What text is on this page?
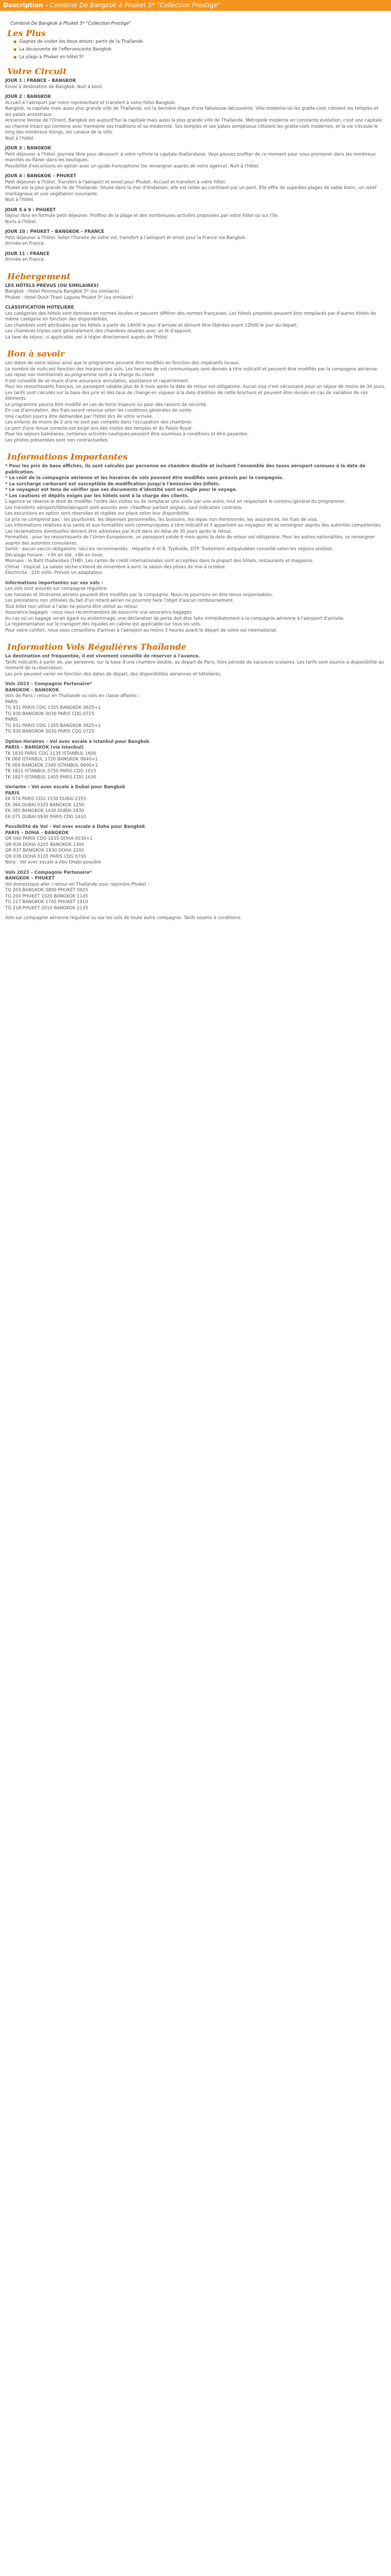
Description - Combiné De Bangkok à Phuket 5* "Collection Prestige"

Combiné De Bangkok à Phuket 5* "Collection Prestige"

Les Plus
● Gagnez de visiter les deux atouts: partir de la Thaïlande
● La découverte de l'effervescente Bangkok
● La plage à Phuket en hôtel 5*
Votre Circuit

JOUR 1 : FRANCE – BANGKOK

Envol à destination de Bangkok. Nuit à bord.

JOUR 2 : BANGKOK

Accueil à l'aéroport par notre représentant et transfert à votre hôtel Bangkok.

Bangkok, la capitale mais aussi plus grande ville de Thaïlande, est la dernière étape d'une fabuleuse découverte. Ville moderne où les gratte-ciels côtoient les temples et les palais ancestraux.

Ancienne Venise de l'Orient, Bangkok est aujourd'hui la capitale mais aussi la plus grande ville de Thaïlande. Métropole moderne en constante évolution, c'est une capitale au charme intact qui combine avec harmonie ses traditions et sa modernité. Ses temples et ses palais somptueux côtoient les gratte-ciels modernes, et la vie s'écoule le long des nombreux klongs, les canaux de la ville.

Nuit à l'hôtel.

JOUR 3 : BANGKOK

Petit déjeuner à l'hôtel. Journée libre pour découvrir à votre rythme la capitale thaïlandaise. Vous pouvez profiter de ce moment pour vous promener dans les nombreux marchés ou flâner dans les boutiques.

Possibilité d'excursions en option avec un guide francophone (se renseigner auprès de votre agence). Nuit à l'hôtel.

JOUR 4 : BANGKOK – PHUKET

Petit déjeuner à l'hôtel. Transfert à l'aéroport et envol pour Phuket. Accueil et transfert à votre hôtel.

Phuket est la plus grande île de Thaïlande. Située dans la mer d'Andaman, elle est reliée au continent par un pont. Elle offre de superbes plages de sable blanc, un relief montagneux et une végétation luxuriante.

Nuit à l'hôtel.

JOUR 5 à 9 : PHUKET

Séjour libre en formule petit déjeuner. Profitez de la plage et des nombreuses activités proposées par votre hôtel ou sur l'île.

Nuits à l'hôtel.

JOUR 10 : PHUKET – BANGKOK – FRANCE

Petit déjeuner à l'hôtel. Selon l'horaire de votre vol, transfert à l'aéroport et envol pour la France via Bangkok.

Arrivée en France.

JOUR 11 : FRANCE

Arrivée en France.

Hébergement

LES HÔTELS PREVUS (OU SIMILAIRES)

Bangkok : Hotel Peninsula Bangkok 5* (ou similaire)

Phuket : Hotel Dusit Thani Laguna Phuket 5* (ou similaire)

CLASSIFICATION HOTELIERE

Les catégories des hôtels sont données en normes locales et peuvent différer des normes françaises. Les hôtels proposés peuvent être remplacés par d'autres hôtels de même catégorie en fonction des disponibilités.

Les chambres sont attribuées par les hôtels à partir de 14h00 le jour d'arrivée et doivent être libérées avant 12h00 le jour du départ.

Les chambres triples sont généralement des chambres doubles avec un lit d'appoint.

La taxe de séjour, si applicable, est à régler directement auprès de l'hôtel.

Bon à savoir

Les dates de votre séjour ainsi que le programme peuvent être modifiés en fonction des impératifs locaux.

Le nombre de nuits est fonction des horaires des vols. Les horaires de vol communiqués sont donnés à titre indicatif et peuvent être modifiés par la compagnie aérienne.

Les repas non mentionnés au programme sont à la charge du client.

Il est conseillé de se munir d'une assurance annulation, assistance et rapatriement.

Pour les ressortissants français, un passeport valable plus de 6 mois après la date de retour est obligatoire. Aucun visa n'est nécessaire pour un séjour de moins de 30 jours.

Les tarifs sont calculés sur la base des prix et des taux de change en vigueur à la date d'édition de cette brochure et peuvent être révisés en cas de variation de ces éléments.

Le programme pourra être modifié en cas de force majeure ou pour des raisons de sécurité.

En cas d'annulation, des frais seront retenus selon les conditions générales de vente.

Une caution pourra être demandée par l'hôtel lors de votre arrivée.

Les enfants de moins de 2 ans ne sont pas comptés dans l'occupation des chambres.

Le port d'une tenue correcte est exigé lors des visites des temples et du Palais Royal.

Pour les séjours balnéaires, certaines activités nautiques peuvent être soumises à conditions et être payantes.

Les photos présentées sont non contractuelles.

Informations Importantes

* Pour les prix de base affichés, ils sont calculés par personne en chambre double et incluent l'ensemble des taxes aéroport connues à la date de publication.

* Le coût de la compagnie aérienne et les horaires de vols peuvent être modifiés sans préavis par la compagnie.

* La surcharge carburant est susceptible de modification jusqu'à l'émission des billets.

* Le voyageur est tenu de vérifier que ses documents d'identité sont en règle pour le voyage.

* Les cautions et dépôts exigés par les hôtels sont à la charge des clients.

L'agence se réserve le droit de modifier l'ordre des visites ou de remplacer une visite par une autre, tout en respectant le contenu général du programme.

Les transferts aéroport/hôtel/aéroport sont assurés avec chauffeur parlant anglais, sauf indication contraire.

Les excursions en option sont réservées et réglées sur place selon leur disponibilité.

Le prix ne comprend pas : les pourboires, les dépenses personnelles, les boissons, les repas non mentionnés, les assurances, les frais de visa.

Les informations relatives à la santé et aux formalités sont communiquées à titre indicatif et il appartient au voyageur de se renseigner auprès des autorités compétentes.

Les réclamations éventuelles doivent être adressées par écrit dans un délai de 30 jours après le retour.

Formalités : pour les ressortissants de l'Union Européenne, un passeport valide 6 mois après la date de retour est obligatoire. Pour les autres nationalités, se renseigner auprès des autorités consulaires.

Santé : aucun vaccin obligatoire. Vaccins recommandés : Hépatite A et B, Typhoïde, DTP. Traitement antipaludéen conseillé selon les régions visitées.

Décalage horaire : +5h en été, +6h en hiver.

Monnaie : le Baht thaïlandais (THB). Les cartes de crédit internationales sont acceptées dans la plupart des hôtels, restaurants et magasins.

Climat : tropical. La saison sèche s'étend de novembre à avril, la saison des pluies de mai à octobre.

Électricité : 220 volts. Prévoir un adaptateur.

Informations importantes sur vos vols :

Les vols sont assurés sur compagnie régulière.

Les horaires et itinéraires aériens peuvent être modifiés par la compagnie. Nous ne pourrions en être tenus responsables.

Les prestations non utilisées du fait d'un retard aérien ne pourront faire l'objet d'aucun remboursement.

Tout billet non utilisé à l'aller ne pourra être utilisé au retour.

Assurance bagages : nous vous recommandons de souscrire une assurance bagages.

Au cas où un bagage serait égaré ou endommagé, une déclaration de perte doit être faite immédiatement à la compagnie aérienne à l'aéroport d'arrivée.

La réglementation sur le transport des liquides en cabine est applicable sur tous les vols.

Pour votre confort, nous vous conseillons d'arriver à l'aéroport au moins 3 heures avant le départ de votre vol international.

Information Vols Régulières Thaïlande

La destination est fréquentée, il est vivement conseillé de réserver à l'avance.

Tarifs indicatifs à partir de, par personne, sur la base d'une chambre double, au départ de Paris, hors période de vacances scolaires. Les tarifs sont soumis à disponibilité au moment de la réservation.

Les prix peuvent varier en fonction des dates de départ, des disponibilités aériennes et hôtelières.

Vols 2023 – Compagnie Partenaire*

BANGKOK – BANGKOK

Vols de Paris / retour en Thaïlande ou vols en classe affaires :

PARIS

TG 931 PARIS CDG 1355 BANGKOK 0625+1

TG 930 BANGKOK 0030 PARIS CDG 0725

PARIS

TG 931 PARIS CDG 1355 BANGKOK 0625+1

TG 930 BANGKOK 0030 PARIS CDG 0725

Option Horaires – Vol avec escale à Istanbul pour Bangkok

PARIS – BANGKOK (via Istanbul)

TK 1830 PARIS CDG 1135 ISTANBUL 1600

TK 068 ISTANBUL 1720 BANGKOK 0640+1

TK 069 BANGKOK 2340 ISTANBUL 0600+1

TK 1821 ISTANBUL 0750 PARIS CDG 1015

TK 1827 ISTANBUL 1405 PARIS CDG 1630

Variante – Vol avec escale à Dubaï pour Bangkok

PARIS

EK 074 PARIS CDG 1530 DUBAI 2355

EK 384 DUBAI 0325 BANGKOK 1250

EK 385 BANGKOK 1430 DUBAI 1830

EK 075 DUBAI 0930 PARIS CDG 1410

Possibilité de Vol – Vol avec escale à Doha pour Bangkok

PARIS – DOHA – BANGKOK

QR 040 PARIS CDG 1635 DOHA 0030+1

QR 836 DOHA 0205 BANGKOK 1300

QR 837 BANGKOK 1830 DOHA 2200

QR 039 DOHA 0105 PARIS CDG 0700

Nota : Vol avec escale à Abu Dhabi possible

Vols 2023 – Compagnie Partenaire*

BANGKOK – PHUKET

Vol domestique aller / retour en Thaïlande pour rejoindre Phuket :

TG 203 BANGKOK 0800 PHUKET 0925

TG 204 PHUKET 1020 BANGKOK 1145

TG 217 BANGKOK 1745 PHUKET 1910

TG 218 PHUKET 2010 BANGKOK 2135

Vols sur compagnie aérienne régulière ou sur les vols de toute autre compagnie. Tarifs soumis à conditions.
